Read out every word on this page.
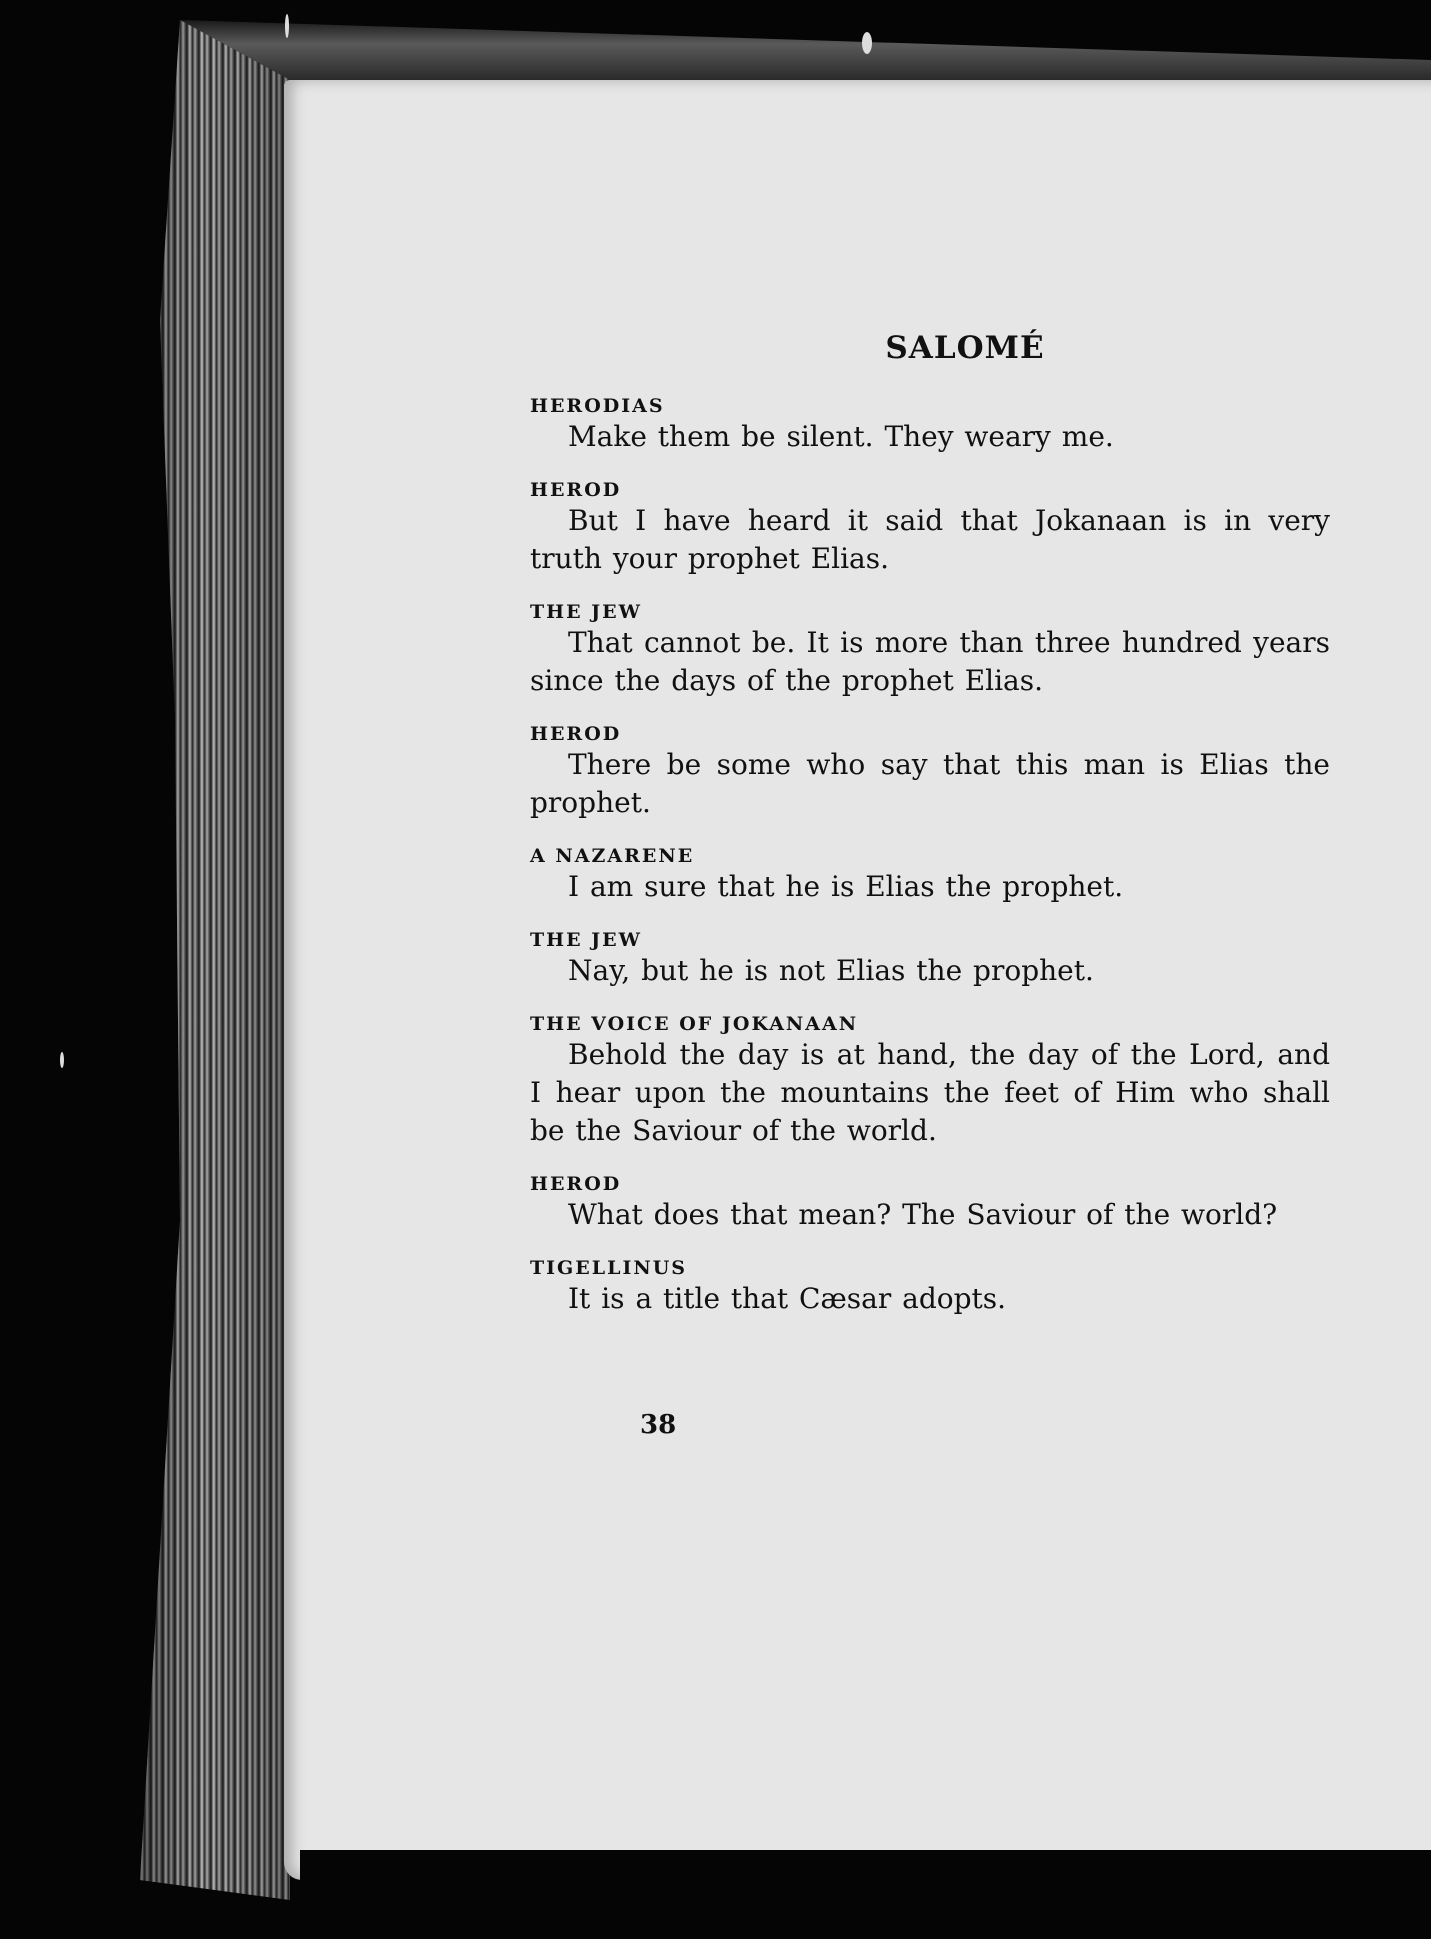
SALOMÉ
HERODIAS
Make them be silent. They weary me.
HEROD
But I have heard it said that Jokanaan is in very truth your prophet Elias.
THE JEW
That cannot be. It is more than three hundred years since the days of the prophet Elias.
HEROD
There be some who say that this man is Elias the prophet.
A NAZARENE
I am sure that he is Elias the prophet.
THE JEW
Nay, but he is not Elias the prophet.
THE VOICE OF JOKANAAN
Behold the day is at hand, the day of the Lord, and I hear upon the mountains the feet of Him who shall be the Saviour of the world.
HEROD
What does that mean? The Saviour of the world?
TIGELLINUS
It is a title that Cæsar adopts.
38
